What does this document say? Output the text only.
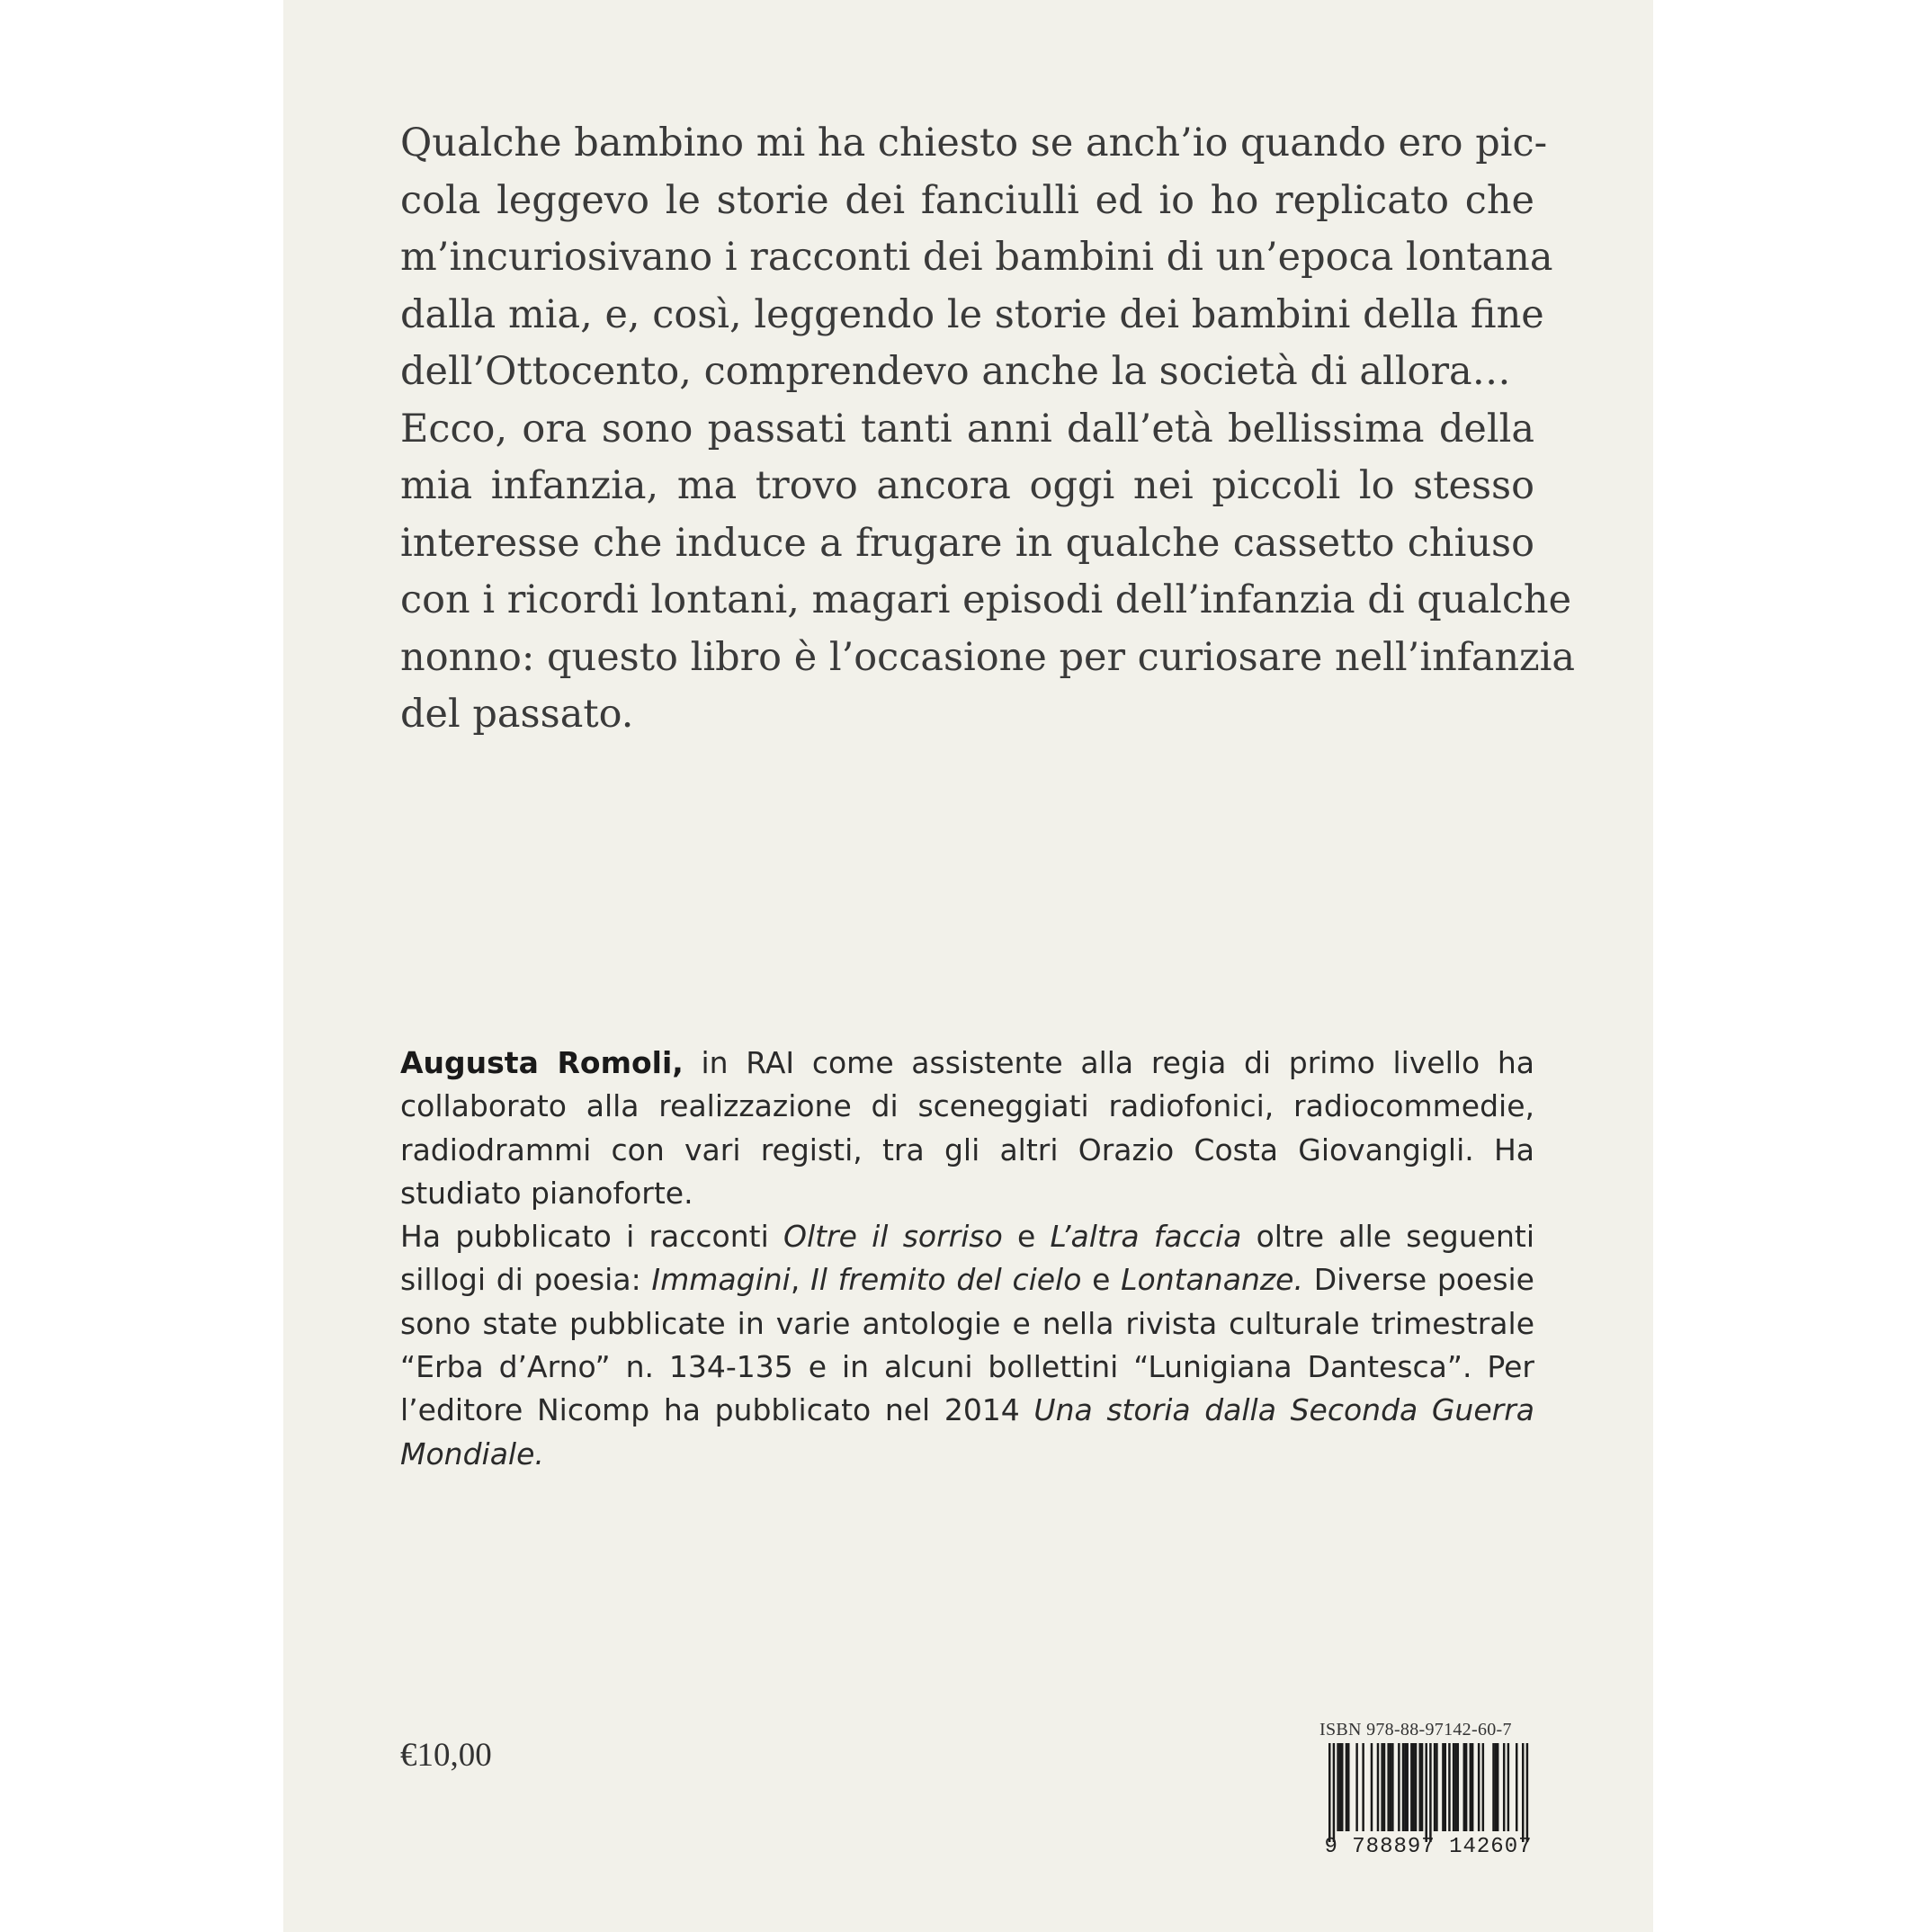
Qualche bambino mi ha chiesto se anch’io quando ero pic-
cola leggevo le storie dei fanciulli ed io ho replicato che
m’incuriosivano i racconti dei bambini di un’epoca lontana
dalla mia, e, così, leggendo le storie dei bambini della fine
dell’Ottocento, comprendevo anche la società di allora…
Ecco, ora sono passati tanti anni dall’età bellissima della
mia infanzia, ma trovo ancora oggi nei piccoli lo stesso
interesse che induce a frugare in qualche cassetto chiuso
con i ricordi lontani, magari episodi dell’infanzia di qualche
nonno: questo libro è l’occasione per curiosare nell’infanzia
del passato.
Augusta Romoli, in RAI come assistente alla regia di primo livello ha collaborato alla realizzazione di sceneggiati radiofonici, radiocommedie, radiodrammi con vari registi, tra gli altri Orazio Costa Giovangigli. Ha studiato pianoforte.
Ha pubblicato i racconti Oltre il sorriso e L’altra faccia oltre alle seguenti sillogi di poesia: Immagini, Il fremito del cielo e Lontananze. Diverse poesie sono state pubblicate in varie antologie e nella rivista culturale trimestrale “Erba d’Arno” n. 134-135 e in alcuni bollettini “Lunigiana Dantesca”. Per l’editore Nicomp ha pubblicato nel 2014 Una storia dalla Seconda Guerra Mondiale.
€10,00
ISBN 978-88-97142-60-7
9 788897 142607
